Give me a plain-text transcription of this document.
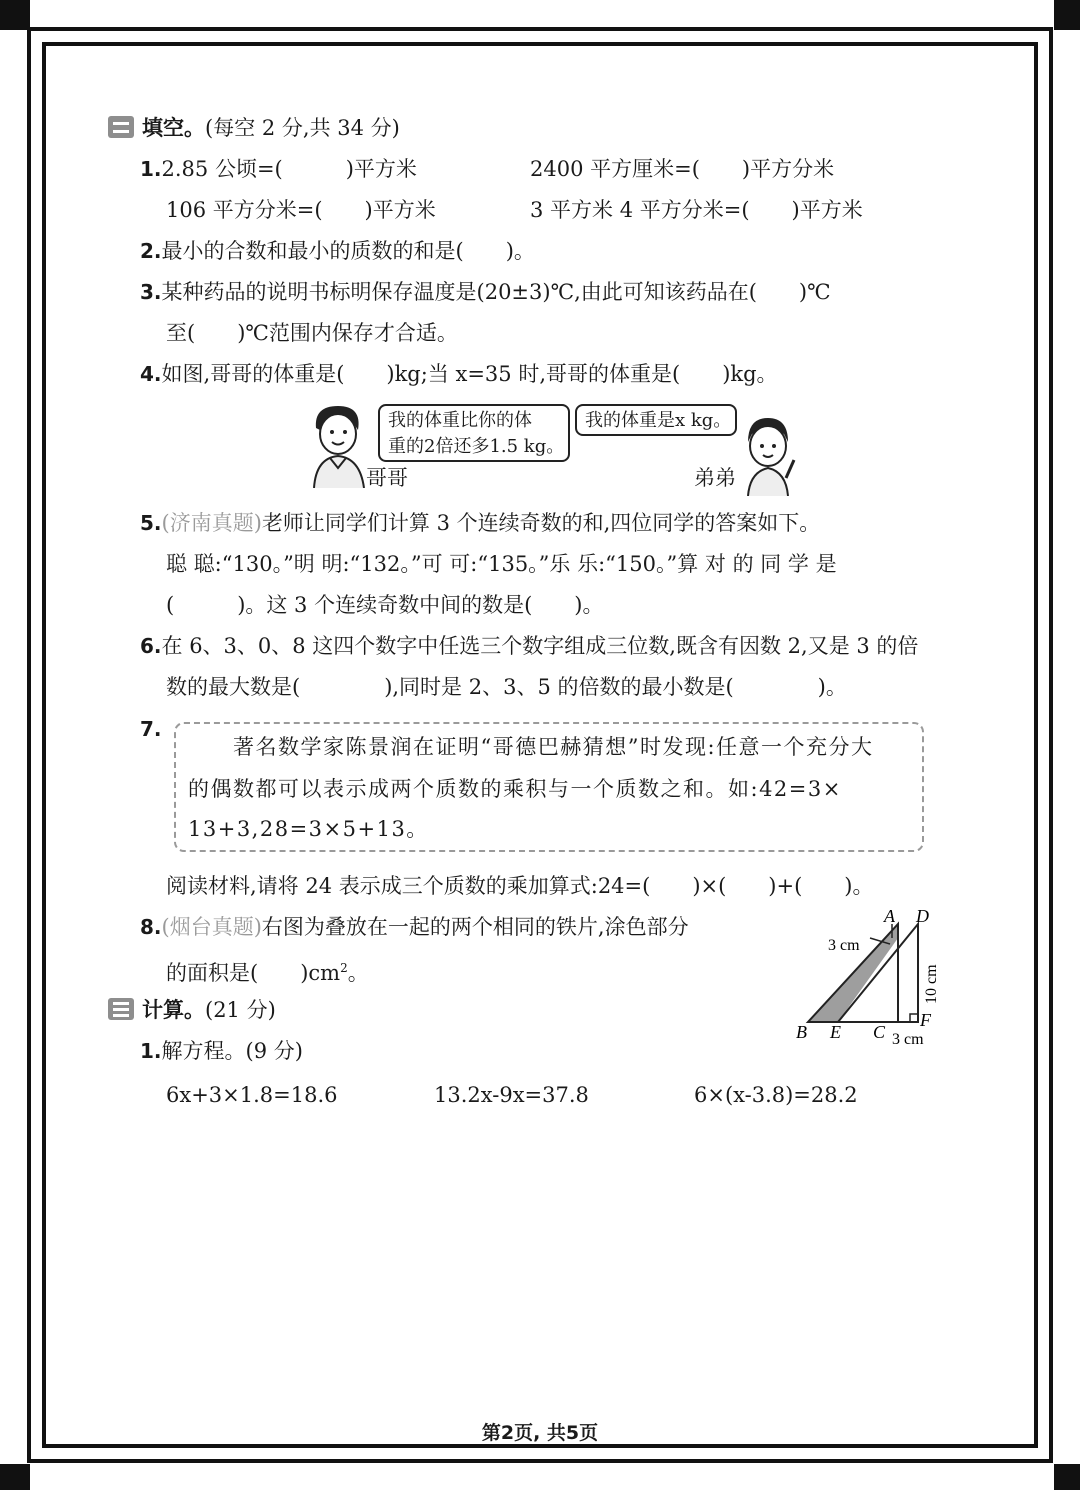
填空。(每空 2 分,共 34 分)
1.2.85 公顷=(　　　)平方米	2400 平方厘米=(　　)平方分米
106 平方分米=(　　)平方米	3 平方米 4 平方分米=(　　)平方米
2.最小的合数和最小的质数的和是(　　)。
3.某种药品的说明书标明保存温度是(20±3)℃,由此可知该药品在(　　)℃
至(　　)℃范围内保存才合适。
4.如图,哥哥的体重是(　　)kg;当 x=35 时,哥哥的体重是(　　)kg。
我的体重比你的体
重的2倍还多1.5 kg。
我的体重是x kg。
哥哥	弟弟
5.(济南真题)老师让同学们计算 3 个连续奇数的和,四位同学的答案如下。
聪 聪:“130。”明 明:“132。”可 可:“135。”乐 乐:“150。”算 对 的 同 学 是
(　　　)。这 3 个连续奇数中间的数是(　　)。
6.在 6、3、0、8 这四个数字中任选三个数字组成三位数,既含有因数 2,又是 3 的倍
数的最大数是(　　　　),同时是 2、3、5 的倍数的最小数是(　　　　)。
7.
　　著名数学家陈景润在证明“哥德巴赫猜想”时发现:任意一个充分大
的偶数都可以表示成两个质数的乘积与一个质数之和。如:42=3×
13+3,28=3×5+13。
阅读材料,请将 24 表示成三个质数的乘加算式:24=(　　)×(　　)+(　　)。
8.(烟台真题)右图为叠放在一起的两个相同的铁片,涂色部分
的面积是(　　)$cm^2$。
A D
B E C
F
3 cm
10 cm
3 cm
计算。(21 分)
1.解方程。(9 分)
6x+3×1.8=18.6	13.2x-9x=37.8	6×(x-3.8)=28.2
第2页, 共5页
